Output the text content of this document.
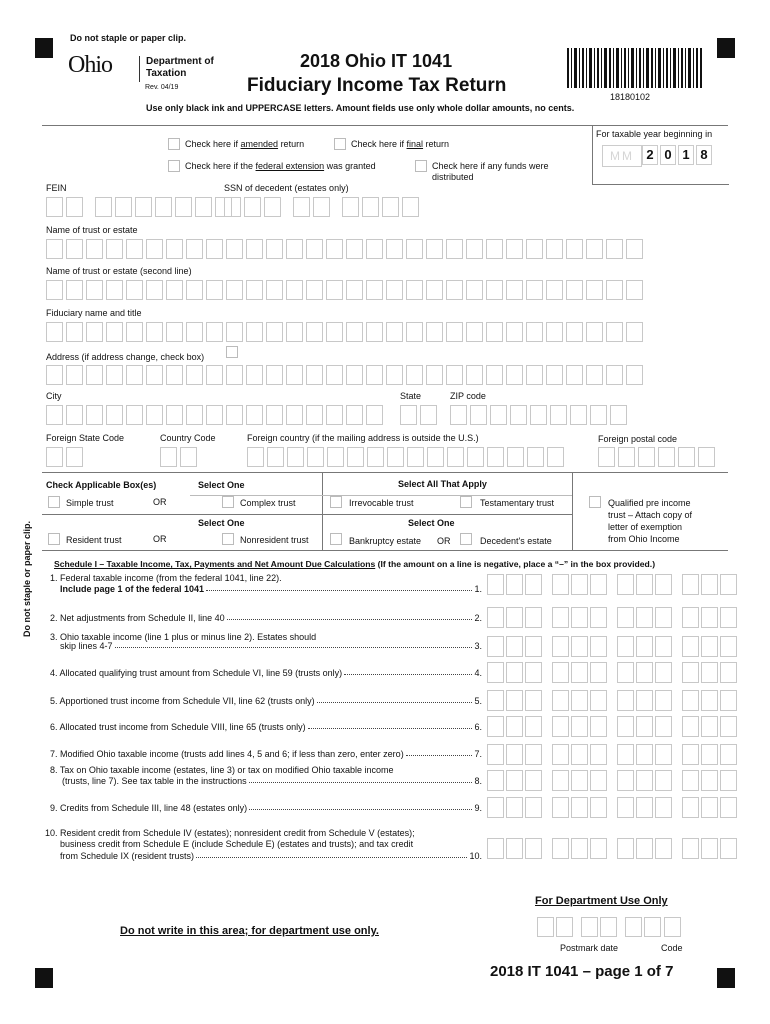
Do not staple or paper clip.
Ohio	Department of
Taxation
Rev. 04/19
2018 Ohio IT 1041
Fiduciary Income Tax Return
18180102
Use only black ink and UPPERCASE letters. Amount fields use only whole dollar amounts, no cents.
Check here if amended return	Check here if final return
Check here if the federal extension was granted	Check here if any funds were
distributed
For taxable year beginning in
MM 2 0 1 8
FEIN	SSN of decedent (estates only)
Name of trust or estate
Name of trust or estate (second line)
Fiduciary name and title
Address (if address change, check box)
City	State	ZIP code
Foreign State Code	Country Code	Foreign country (if the mailing address is outside the U.S.)	Foreign postal code
Check Applicable Box(es)	Select One	Select All That Apply
Simple trust	OR	Complex trust	Irrevocable trust	Testamentary trust
Select One	Select One
Resident trust	OR	Nonresident trust	Bankruptcy estate OR	Decedent's estate
Qualified pre income
trust – Attach copy of
letter of exemption
from Ohio Income
Do not staple or paper clip.	Schedule I – Taxable Income, Tax, Payments and Net Amount Due Calculations (If the amount on a line is negative, place a “–” in the box provided.)
1. Federal taxable income (from the federal 1041, line 22).
Include page 1 of the federal 1041	1.
2. Net adjustments from Schedule II, line 40	2.
3. Ohio taxable income (line 1 plus or minus line 2). Estates should
skip lines 4-7	3.
4. Allocated qualifying trust amount from Schedule VI, line 59 (trusts only)	4.
5. Apportioned trust income from Schedule VII, line 62 (trusts only)	5.
6. Allocated trust income from Schedule VIII, line 65 (trusts only)	6.
7. Modified Ohio taxable income (trusts add lines 4, 5 and 6; if less than zero, enter zero)	7.
8. Tax on Ohio taxable income (estates, line 3) or tax on modified Ohio taxable income
(trusts, line 7). See tax table in the instructions	8.
9. Credits from Schedule III, line 48 (estates only)	9.
10. Resident credit from Schedule IV (estates); nonresident credit from Schedule V (estates);
business credit from Schedule E (include Schedule E) (estates and trusts); and tax credit
from Schedule IX (resident trusts)	10.
For Department Use Only
Do not write in this area; for department use only.
Postmark date	Code
2018 IT 1041 – page 1 of 7
